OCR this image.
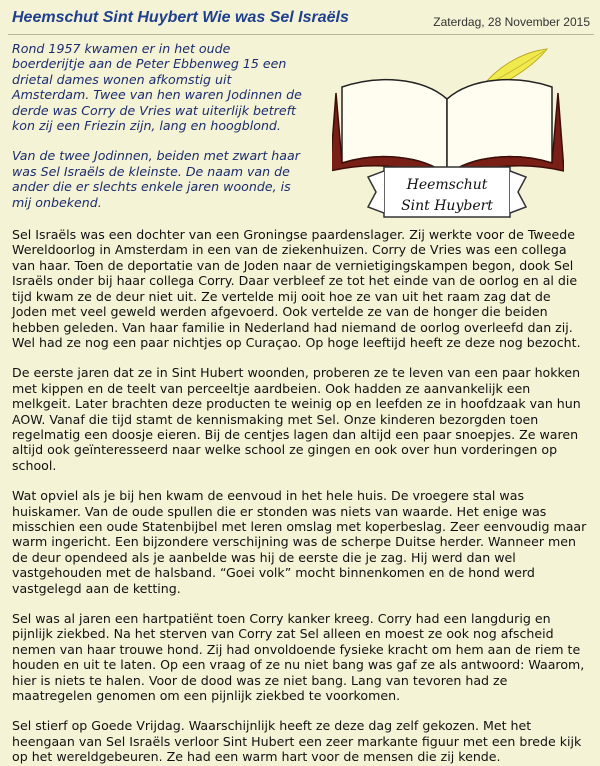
Heemschut Sint Huybert Wie was Sel Israëls	Zaterdag, 28 November 2015

Rond 1957 kwamen er in het oude boerderijtje aan de Peter Ebbenweg 15 een drietal dames wonen afkomstig uit Amsterdam. Twee van hen waren Jodinnen de derde was Corry de Vries wat uiterlijk betreft kon zij een Friezin zijn, lang en hoogblond.

Van de twee Jodinnen, beiden met zwart haar was Sel Israëls de kleinste. De naam van de ander die er slechts enkele jaren woonde, is mij onbekend.

Heemschut
Sint Huybert

Sel Israëls was een dochter van een Groningse paardenslager. Zij werkte voor de Tweede Wereldoorlog in Amsterdam in een van de ziekenhuizen. Corry de Vries was een collega van haar. Toen de deportatie van de Joden naar de vernietigingskampen begon, dook Sel Israëls onder bij haar collega Corry. Daar verbleef ze tot het einde van de oorlog en al die tijd kwam ze de deur niet uit. Ze vertelde mij ooit hoe ze van uit het raam zag dat de Joden met veel geweld werden afgevoerd. Ook vertelde ze van de honger die beiden hebben geleden. Van haar familie in Nederland had niemand de oorlog overleefd dan zij. Wel had ze nog een paar nichtjes op Curaçao. Op hoge leeftijd heeft ze deze nog bezocht.

De eerste jaren dat ze in Sint Hubert woonden, proberen ze te leven van een paar hokken met kippen en de teelt van perceeltje aardbeien. Ook hadden ze aanvankelijk een melkgeit. Later brachten deze producten te weinig op en leefden ze in hoofdzaak van hun AOW. Vanaf die tijd stamt de kennismaking met Sel. Onze kinderen bezorgden toen regelmatig een doosje eieren. Bij de centjes lagen dan altijd een paar snoepjes. Ze waren altijd ook geïnteresseerd naar welke school ze gingen en ook over hun vorderingen op school.

Wat opviel als je bij hen kwam de eenvoud in het hele huis. De vroegere stal was huiskamer. Van de oude spullen die er stonden was niets van waarde. Het enige was misschien een oude Statenbijbel met leren omslag met koperbeslag. Zeer eenvoudig maar warm ingericht. Een bijzondere verschijning was de scherpe Duitse herder. Wanneer men de deur opendeed als je aanbelde was hij de eerste die je zag. Hij werd dan wel vastgehouden met de halsband. “Goei volk” mocht binnenkomen en de hond werd vastgelegd aan de ketting.

Sel was al jaren een hartpatiënt toen Corry kanker kreeg. Corry had een langdurig en pijnlijk ziekbed. Na het sterven van Corry zat Sel alleen en moest ze ook nog afscheid nemen van haar trouwe hond. Zij had onvoldoende fysieke kracht om hem aan de riem te houden en uit te laten. Op een vraag of ze nu niet bang was gaf ze als antwoord: Waarom, hier is niets te halen. Voor de dood was ze niet bang. Lang van tevoren had ze maatregelen genomen om een pijnlijk ziekbed te voorkomen.

Sel stierf op Goede Vrijdag. Waarschijnlijk heeft ze deze dag zelf gekozen. Met het heengaan van Sel Israëls verloor Sint Hubert een zeer markante figuur met een brede kijk op het wereldgebeuren. Ze had een warm hart voor de mensen die zij kende.
